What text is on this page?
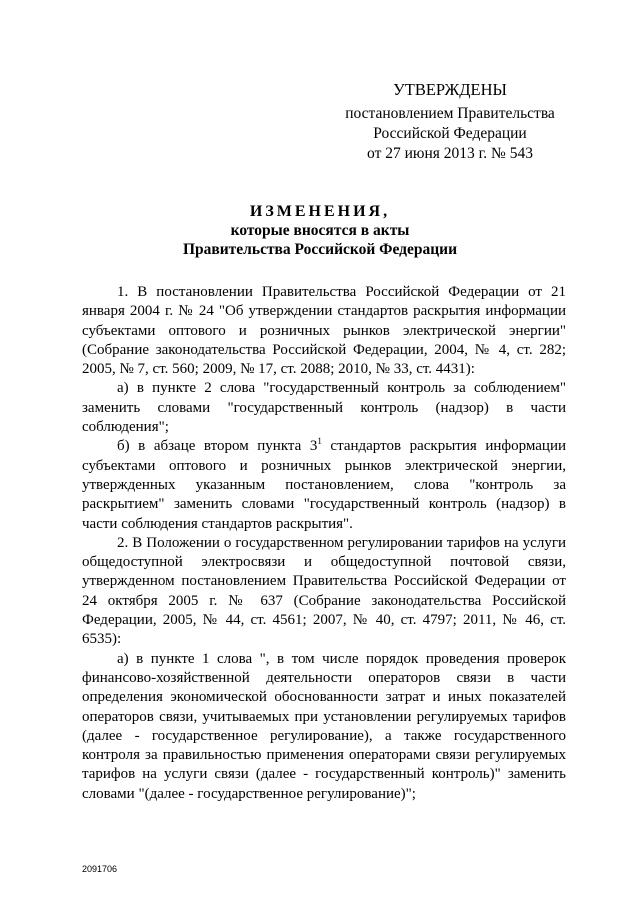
УТВЕРЖДЕНЫ
постановлением Правительства
Российской Федерации
от 27 июня 2013 г. № 543
ИЗМЕНЕНИЯ,
которые вносятся в акты
Правительства Российской Федерации

1. В постановлении Правительства Российской Федерации от 21 января 2004 г. № 24 "Об утверждении стандартов раскрытия информации субъектами оптового и розничных рынков электрической энергии" (Собрание законодательства Российской Федерации, 2004, № 4, ст. 282; 2005, № 7, ст. 560; 2009, № 17, ст. 2088; 2010, № 33, ст. 4431):

а) в пункте 2 слова "государственный контроль за соблюдением" заменить словами "государственный контроль (надзор) в части соблюдения";

б) в абзаце втором пункта $3^1$ стандартов раскрытия информации субъектами оптового и розничных рынков электрической энергии, утвержденных указанным постановлением, слова "контроль за раскрытием" заменить словами "государственный контроль (надзор) в части соблюдения стандартов раскрытия".

2. В Положении о государственном регулировании тарифов на услуги общедоступной электросвязи и общедоступной почтовой связи, утвержденном постановлением Правительства Российской Федерации от 24 октября 2005 г. № 637 (Собрание законодательства Российской Федерации, 2005, № 44, ст. 4561; 2007, № 40, ст. 4797; 2011, № 46, ст. 6535):

а) в пункте 1 слова ", в том числе порядок проведения проверок финансово-хозяйственной деятельности операторов связи в части определения экономической обоснованности затрат и иных показателей операторов связи, учитываемых при установлении регулируемых тарифов (далее - государственное регулирование), а также государственного контроля за правильностью применения операторами связи регулируемых тарифов на услуги связи (далее - государственный контроль)" заменить словами "(далее - государственное регулирование)";

2091706
